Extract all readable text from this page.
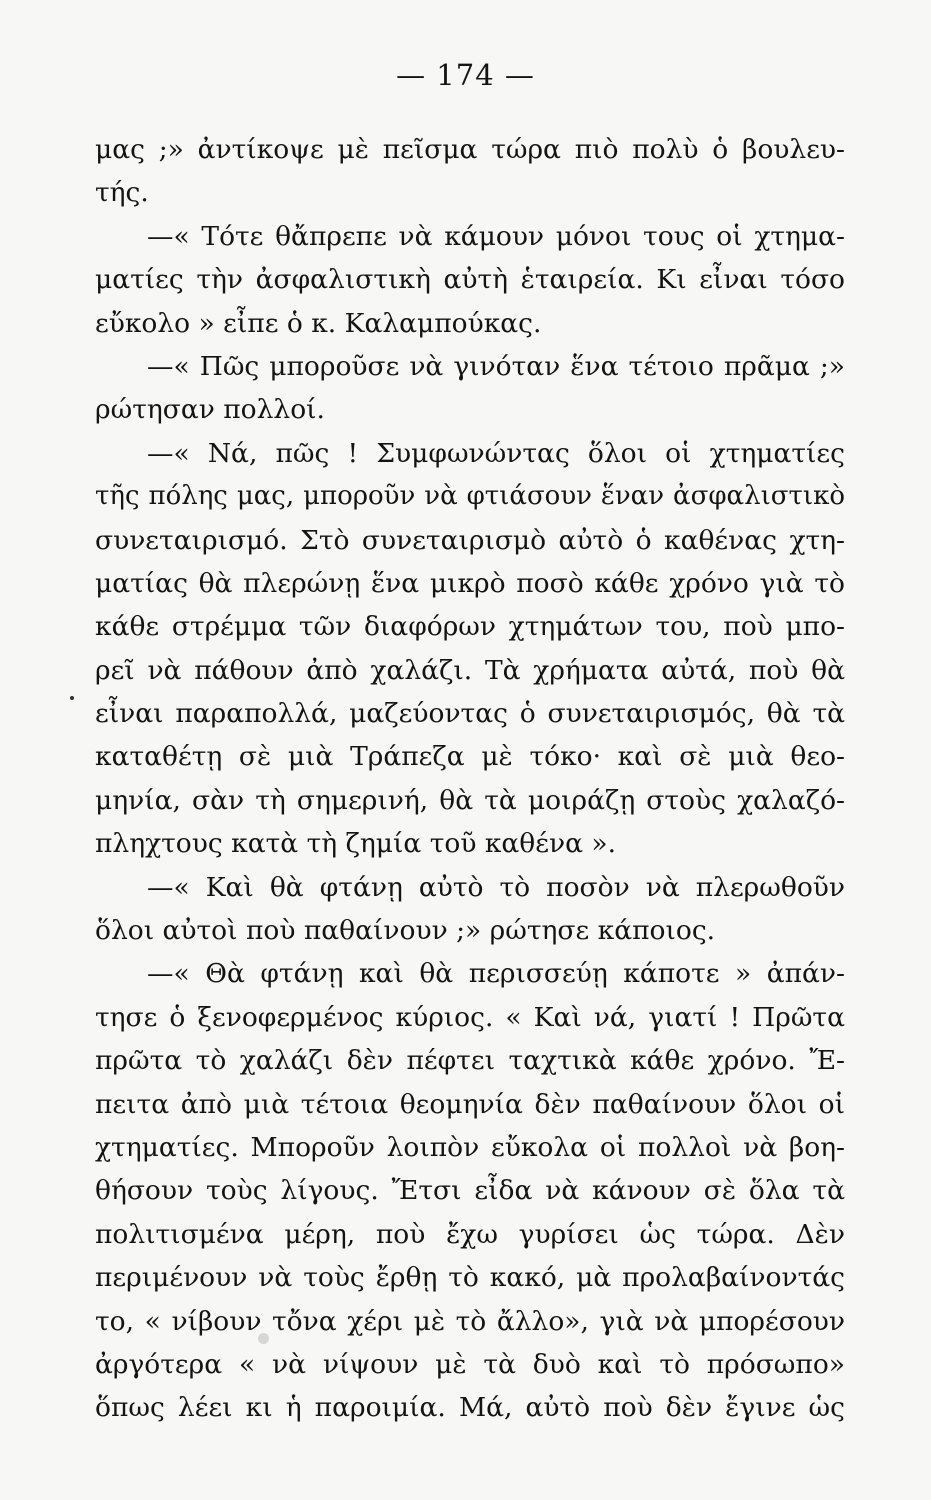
— 174 —
μας ;» ἀντίκοψε μὲ πεῖσμα τώρα πιὸ πολὺ ὁ βουλευ-
τής.
—« Τότε θἄπρεπε νὰ κάμουν μόνοι τους οἱ χτημα-
ματίες τὴν ἀσφαλιστικὴ αὐτὴ ἑταιρεία. Κι εἶναι τόσο
εὔκολο » εἶπε ὁ κ. Καλαμπούκας.
—« Πῶς μποροῦσε νὰ γινόταν ἕνα τέτοιο πρᾶμα ;»
ρώτησαν πολλοί.
—« Νά, πῶς ! Συμφωνώντας ὅλοι οἱ χτηματίες
τῆς πόλης μας, μποροῦν νὰ φτιάσουν ἕναν ἀσφαλιστικὸ
συνεταιρισμό. Στὸ συνεταιρισμὸ αὐτὸ ὁ καθένας χτη-
ματίας θὰ πλερώνῃ ἕνα μικρὸ ποσὸ κάθε χρόνο γιὰ τὸ
κάθε στρέμμα τῶν διαφόρων χτημάτων του, ποὺ μπο-
ρεῖ νὰ πάθουν ἀπὸ χαλάζι. Τὰ χρήματα αὐτά, ποὺ θὰ
εἶναι παραπολλά, μαζεύοντας ὁ συνεταιρισμός, θὰ τὰ
καταθέτῃ σὲ μιὰ Τράπεζα μὲ τόκο· καὶ σὲ μιὰ θεο-
μηνία, σὰν τὴ σημερινή, θὰ τὰ μοιράζῃ στοὺς χαλαζό-
πληχτους κατὰ τὴ ζημία τοῦ καθένα ».
—« Καὶ θὰ φτάνῃ αὐτὸ τὸ ποσὸν νὰ πλερωθοῦν
ὅλοι αὐτοὶ ποὺ παθαίνουν ;» ρώτησε κάποιος.
—« Θὰ φτάνῃ καὶ θὰ περισσεύῃ κάποτε » ἀπάν-
τησε ὁ ξενοφερμένος κύριος. « Καὶ νά, γιατί ! Πρῶτα
πρῶτα τὸ χαλάζι δὲν πέφτει ταχτικὰ κάθε χρόνο. Ἔ-
πειτα ἀπὸ μιὰ τέτοια θεομηνία δὲν παθαίνουν ὅλοι οἱ
χτηματίες. Μποροῦν λοιπὸν εὔκολα οἱ πολλοὶ νὰ βοη-
θήσουν τοὺς λίγους. Ἔτσι εἶδα νὰ κάνουν σὲ ὅλα τὰ
πολιτισμένα μέρη, ποὺ ἔχω γυρίσει ὡς τώρα. Δὲν
περιμένουν νὰ τοὺς ἔρθῃ τὸ κακό, μὰ προλαβαίνοντάς
το, « νίβουν τὄνα χέρι μὲ τὸ ἄλλο», γιὰ νὰ μπορέσουν
ἀργότερα « νὰ νίψουν μὲ τὰ δυὸ καὶ τὸ πρόσωπο»
ὅπως λέει κι ἡ παροιμία. Μά, αὐτὸ ποὺ δὲν ἔγινε ὡς
